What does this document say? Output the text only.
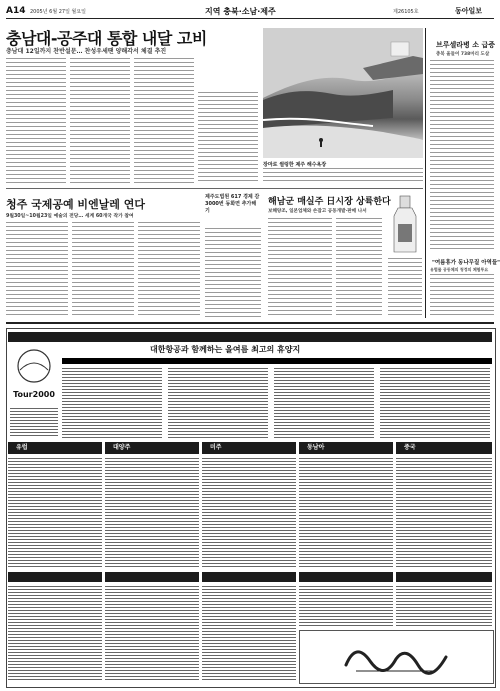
A14 2005년 6월 27일 월요일	지역 충북·소남·제주	제26105호	동아일보
충남대-공주대 통합 내달 고비
충남대 12일까지 찬반설문… 찬성우세땐 양해각서 체결 추진
장마로 썰렁한 제주 해수욕장
브루셀라병 소 급증
충북 올들어 738마리 도살
"여름휴가 동나무질 아역들"
유럽물 공동체의 청정의 체험투요
청주 국제공예 비엔날레 연다
9월30일~10월23일 예술의 전당… 세계 60개국 작가 참여
제주도법원 617 경제 감 3000번 동화면 추가해기
해남군 매실주 日시장 상륙한다
보해양조, 일본업체와 손잡고 공동개발·판매 나서
Tour2000
대한항공과 함께하는 올여름 최고의 휴양지
유럽	대양주	미주	동남아	중국
